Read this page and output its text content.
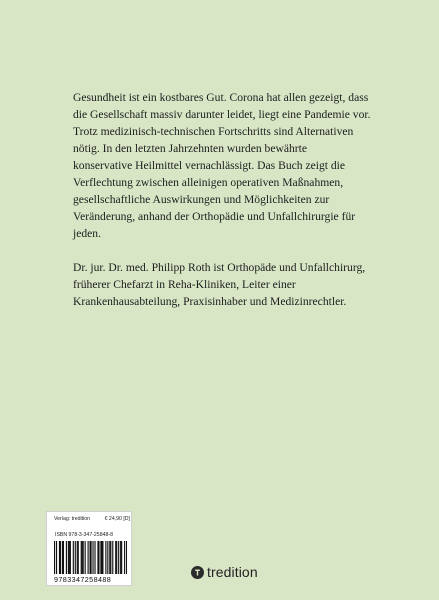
Gesundheit ist ein kostbares Gut. Corona hat allen gezeigt, dass
die Gesellschaft massiv darunter leidet, liegt eine Pandemie vor.
Trotz medizinisch-technischen Fortschritts sind Alternativen
nötig. In den letzten Jahrzehnten wurden bewährte
konservative Heilmittel vernachlässigt. Das Buch zeigt die
Verflechtung zwischen alleinigen operativen Maßnahmen,
gesellschaftliche Auswirkungen und Möglichkeiten zur
Veränderung, anhand der Orthopädie und Unfallchirurgie für
jeden.

Dr. jur. Dr. med. Philipp Roth ist Orthopäde und Unfallchirurg,
früherer Chefarzt in Reha-Kliniken, Leiter einer
Krankenhausabteilung, Praxisinhaber und Medizinrechtler.

Verlag: tredition	€ 24,90 [D]
ISBN 978-3-347-25848-8
9783347258488	tredition
